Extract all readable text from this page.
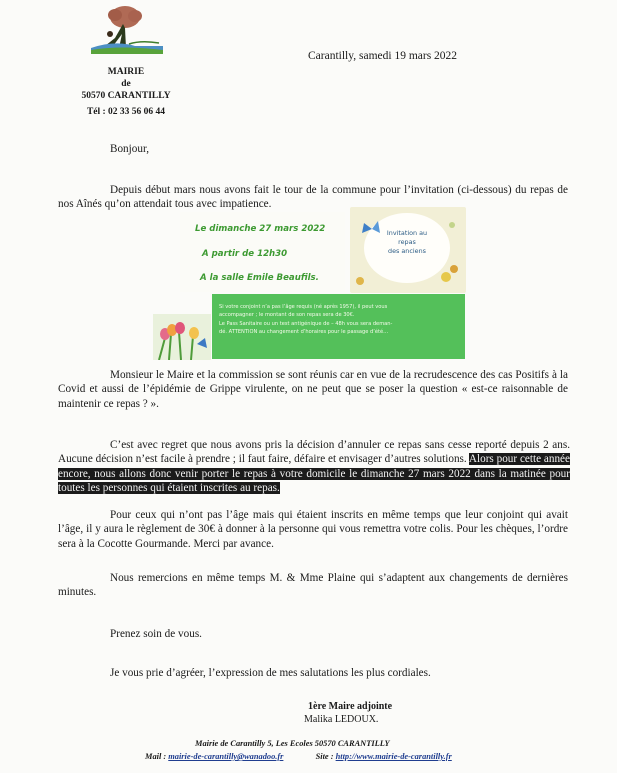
MAIRIE
de
50570 CARANTILLY
Tél : 02 33 56 06 44
Carantilly, samedi 19 mars 2022

Bonjour,

Depuis début mars nous avons fait le tour de la commune pour l’invitation (ci-dessous) du repas de nos Aînés qu’on attendait tous avec impatience.

Le dimanche 27 mars 2022
A partir de 12h30
A la salle Emile Beaufils.
Invitation au
repas
des anciens
Si votre conjoint n’a pas l’âge requis (né après 1957), il peut vous
accompagner ; le montant de son repas sera de 30€.
Le Pass Sanitaire ou un test antigénique de – 48h vous sera deman-
dé. ATTENTION au changement d’horaires pour le passage d’été…

Monsieur le Maire et la commission se sont réunis car en vue de la recrudescence des cas Positifs à la Covid et aussi de l’épidémie de Grippe virulente, on ne peut que se poser la question « est-ce raisonnable de maintenir ce repas ? ».

C’est avec regret que nous avons pris la décision d’annuler ce repas sans cesse reporté depuis 2 ans. Aucune décision n’est facile à prendre ; il faut faire, défaire et envisager d’autres solutions. Alors pour cette année encore, nous allons donc venir porter le repas à votre domicile le dimanche 27 mars 2022 dans la matinée pour toutes les personnes qui étaient inscrites au repas.

Pour ceux qui n’ont pas l’âge mais qui étaient inscrits en même temps que leur conjoint qui avait l’âge, il y aura le règlement de 30€ à donner à la personne qui vous remettra votre colis. Pour les chèques, l’ordre sera à la Cocotte Gourmande. Merci par avance.

Nous remercions en même temps M. & Mme Plaine qui s’adaptent aux changements de dernières minutes.

Prenez soin de vous.

Je vous prie d’agréer, l’expression de mes salutations les plus cordiales.

1ère Maire adjointe
Malika LEDOUX.
Mairie de Carantilly 5, Les Ecoles 50570 CARANTILLY
Mail : mairie-de-carantilly@wanadoo.fr	Site : http://www.mairie-de-carantilly.fr
